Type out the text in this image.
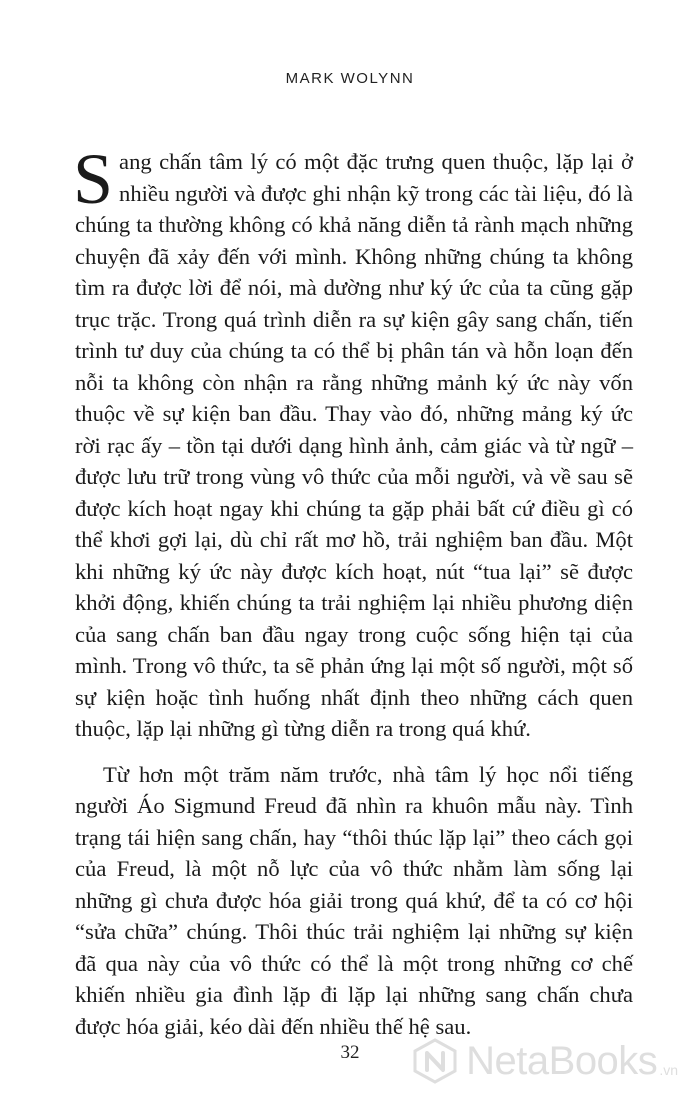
MARK WOLYNN

Sang chấn tâm lý có một đặc trưng quen thuộc, lặp lại ở nhiều người và được ghi nhận kỹ trong các tài liệu, đó là chúng ta thường không có khả năng diễn tả rành mạch những chuyện đã xảy đến với mình. Không những chúng ta không tìm ra được lời để nói, mà dường như ký ức của ta cũng gặp trục trặc. Trong quá trình diễn ra sự kiện gây sang chấn, tiến trình tư duy của chúng ta có thể bị phân tán và hỗn loạn đến nỗi ta không còn nhận ra rằng những mảnh ký ức này vốn thuộc về sự kiện ban đầu. Thay vào đó, những mảng ký ức rời rạc ấy – tồn tại dưới dạng hình ảnh, cảm giác và từ ngữ – được lưu trữ trong vùng vô thức của mỗi người, và về sau sẽ được kích hoạt ngay khi chúng ta gặp phải bất cứ điều gì có thể khơi gợi lại, dù chỉ rất mơ hồ, trải nghiệm ban đầu. Một khi những ký ức này được kích hoạt, nút “tua lại” sẽ được khởi động, khiến chúng ta trải nghiệm lại nhiều phương diện của sang chấn ban đầu ngay trong cuộc sống hiện tại của mình. Trong vô thức, ta sẽ phản ứng lại một số người, một số sự kiện hoặc tình huống nhất định theo những cách quen thuộc, lặp lại những gì từng diễn ra trong quá khứ.

Từ hơn một trăm năm trước, nhà tâm lý học nổi tiếng người Áo Sigmund Freud đã nhìn ra khuôn mẫu này. Tình trạng tái hiện sang chấn, hay “thôi thúc lặp lại” theo cách gọi của Freud, là một nỗ lực của vô thức nhằm làm sống lại những gì chưa được hóa giải trong quá khứ, để ta có cơ hội “sửa chữa” chúng. Thôi thúc trải nghiệm lại những sự kiện đã qua này của vô thức có thể là một trong những cơ chế khiến nhiều gia đình lặp đi lặp lại những sang chấn chưa được hóa giải, kéo dài đến nhiều thế hệ sau.

32	NetaBooks .vn
